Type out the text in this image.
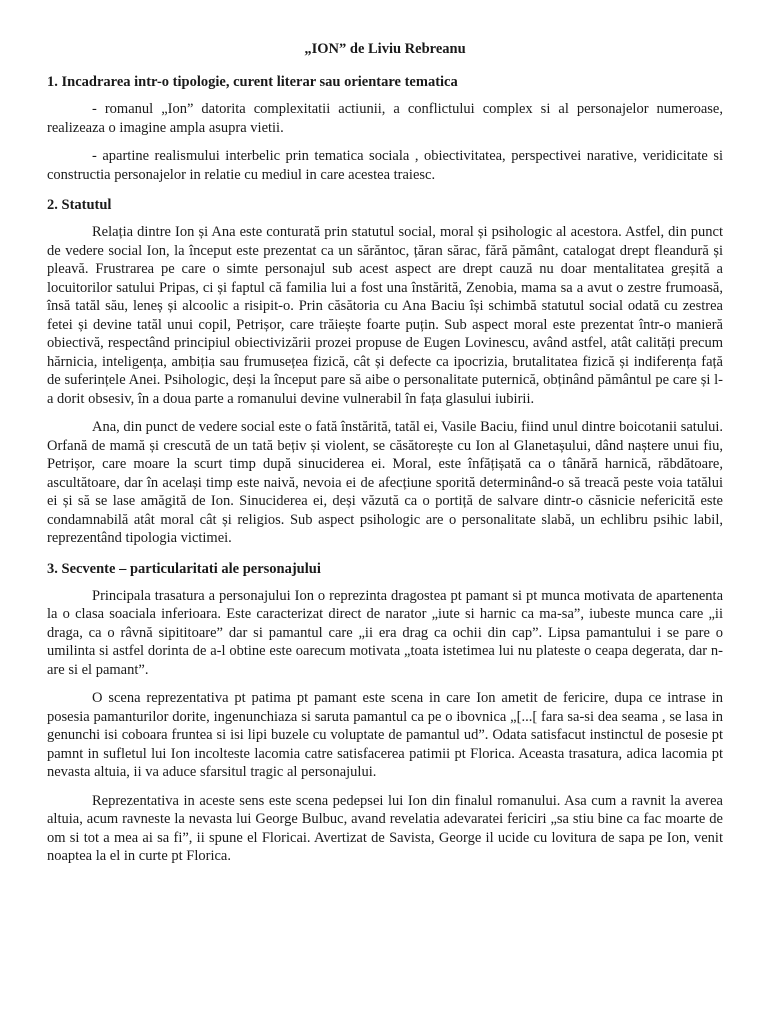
„ION” de Liviu Rebreanu
1. Incadrarea intr-o tipologie, curent literar sau orientare tematica

- romanul „Ion” datorita complexitatii actiunii, a conflictului complex si al personajelor numeroase, realizeaza o imagine ampla asupra vietii.

- apartine realismului interbelic prin tematica sociala , obiectivitatea, perspectivei narative, veridicitate si constructia personajelor in relatie cu mediul in care acestea traiesc.

2. Statutul

Relația dintre Ion și Ana este conturată prin statutul social, moral și psihologic al acestora. Astfel, din punct de vedere social Ion, la început este prezentat ca un sărăntoc, țăran sărac, fără pământ, catalogat drept fleandură și pleavă. Frustrarea pe care o simte personajul sub acest aspect are drept cauză nu doar mentalitatea greșită a locuitorilor satului Pripas, ci și faptul că familia lui a fost una înstărită, Zenobia, mama sa a avut o zestre frumoasă, însă tatăl său, leneș și alcoolic a risipit-o. Prin căsătoria cu Ana Baciu își schimbă statutul social odată cu zestrea fetei și devine tatăl unui copil, Petrișor, care trăiește foarte puțin. Sub aspect moral este prezentat într-o manieră obiectivă, respectând principiul obiectivizării prozei propuse de Eugen Lovinescu, având astfel, atât calități precum hărnicia, inteligența, ambiția sau frumusețea fizică, cât și defecte ca ipocrizia, brutalitatea fizică și indiferența față de suferințele Anei. Psihologic, deși la început pare să aibe o personalitate puternică, obținând pământul pe care și l-a dorit obsesiv, în a doua parte a romanului devine vulnerabil în fața glasului iubirii.

Ana, din punct de vedere social este o fată înstărită, tatăl ei, Vasile Baciu, fiind unul dintre boicotanii satului. Orfană de mamă și crescută de un tată bețiv și violent, se căsătorește cu Ion al Glanetașului, dând naștere unui fiu, Petrișor, care moare la scurt timp după sinuciderea ei. Moral, este înfățișată ca o tânără harnică, răbdătoare, ascultătoare, dar în același timp este naivă, nevoia ei de afecțiune sporită determinând-o să treacă peste voia tatălui ei și să se lase amăgită de Ion. Sinuciderea ei, deși văzută ca o portiță de salvare dintr-o căsnicie nefericită este condamnabilă atât moral cât și religios. Sub aspect psihologic are o personalitate slabă, un echlibru psihic labil, reprezentând tipologia victimei.

3. Secvente – particularitati ale personajului

Principala trasatura a personajului Ion o reprezinta dragostea pt pamant si pt munca motivata de apartenenta la o clasa soaciala inferioara. Este caracterizat direct de narator „iute si harnic ca ma-sa”, iubeste munca care „ii draga, ca o râvnă sipititoare” dar si pamantul care „ii era drag ca ochii din cap”. Lipsa pamantului i se pare o umilinta si astfel dorinta de a-l obtine este oarecum motivata „toata istetimea lui nu plateste o ceapa degerata, dar n-are si el pamant”.

O scena reprezentativa pt patima pt pamant este scena in care Ion ametit de fericire, dupa ce intrase in posesia pamanturilor dorite, ingenunchiaza si saruta pamantul ca pe o ibovnica „[...[ fara sa-si dea seama , se lasa in genunchi isi coboara fruntea si isi lipi buzele cu voluptate de pamantul ud”. Odata satisfacut instinctul de posesie pt pamnt in sufletul lui Ion incolteste lacomia catre satisfacerea patimii pt Florica. Aceasta trasatura, adica lacomia pt nevasta altuia, ii va aduce sfarsitul tragic al personajului.

Reprezentativa in aceste sens este scena pedepsei lui Ion din finalul romanului. Asa cum a ravnit la averea altuia, acum ravneste la nevasta lui George Bulbuc, avand revelatia adevaratei fericiri „sa stiu bine ca fac moarte de om si tot a mea ai sa fi”, ii spune el Floricai. Avertizat de Savista, George il ucide cu lovitura de sapa pe Ion, venit noaptea la el in curte pt Florica.
